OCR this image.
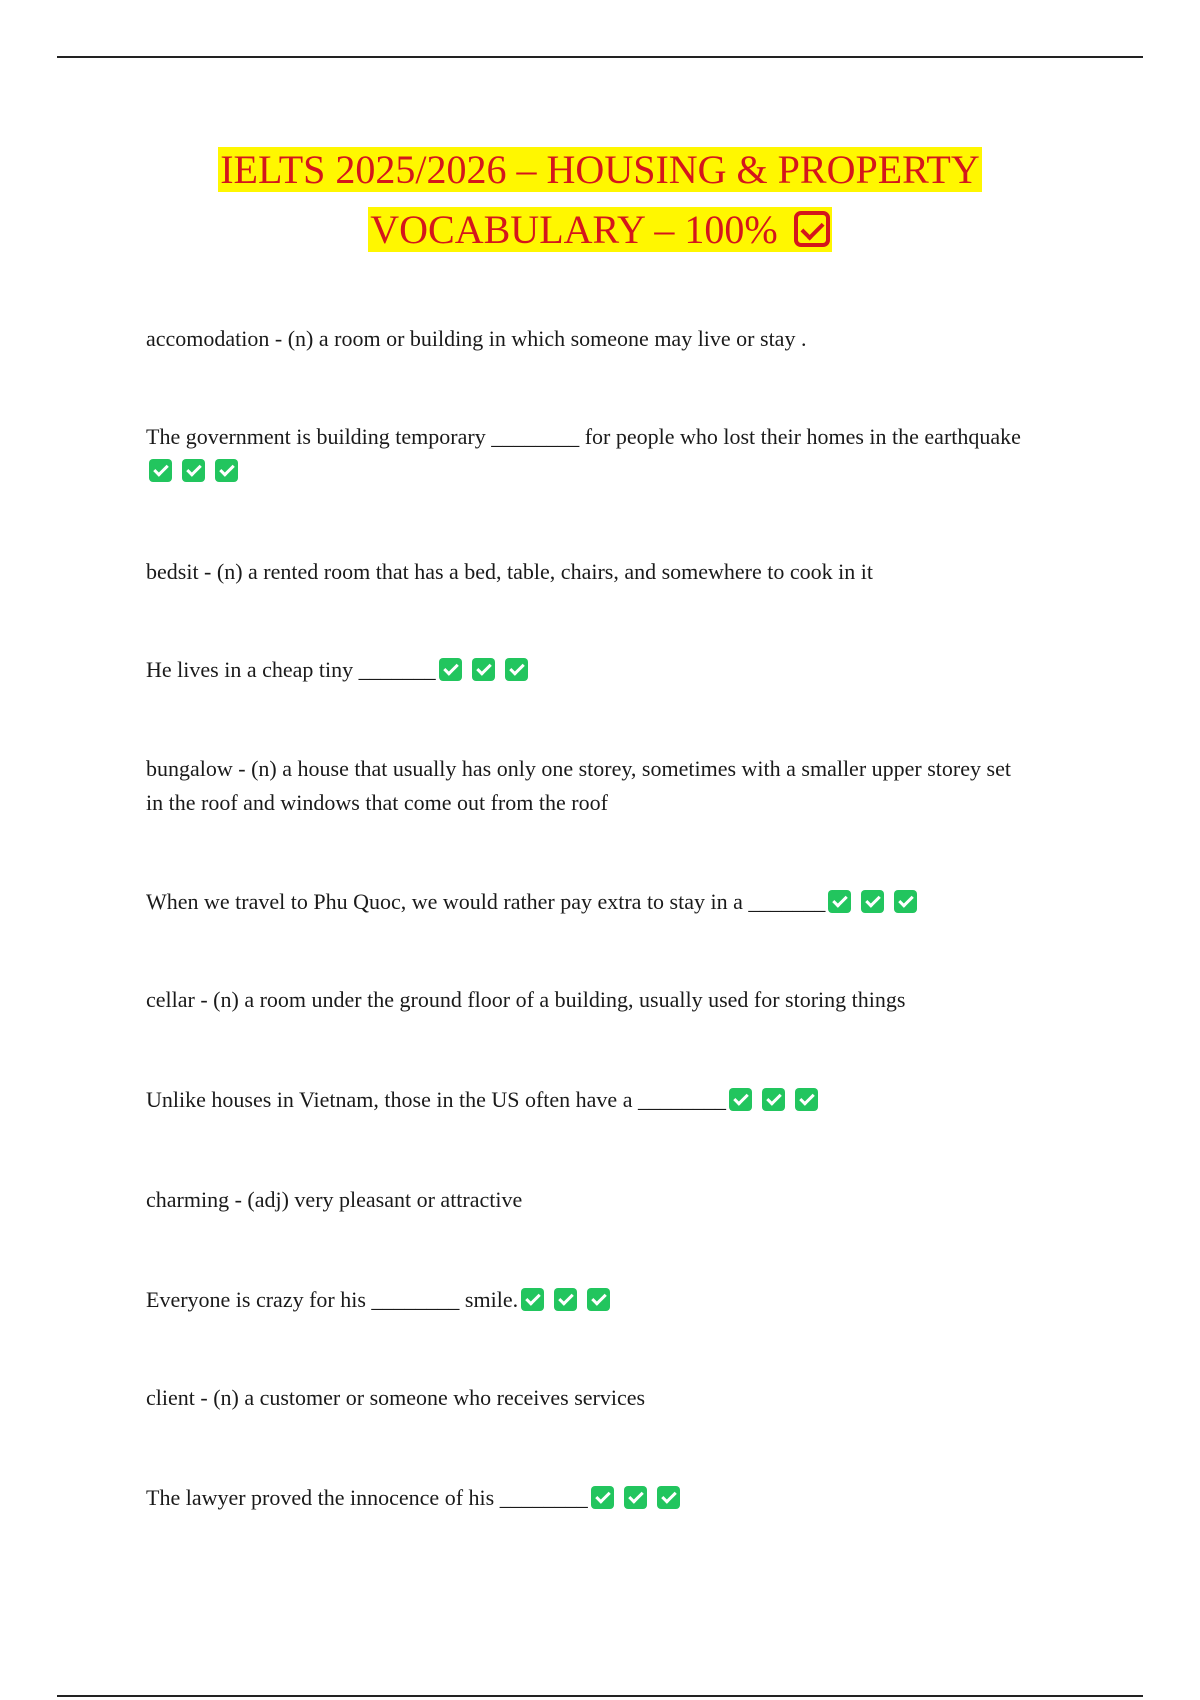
IELTS 2025/2026 – HOUSING & PROPERTY
VOCABULARY – 100%
accomodation - (n) a room or building in which someone may live or stay .
The government is building temporary ________ for people who lost their homes in the earthquake
bedsit - (n) a rented room that has a bed, table, chairs, and somewhere to cook in it
He lives in a cheap tiny _______
bungalow - (n) a house that usually has only one storey, sometimes with a smaller upper storey set in the roof and windows that come out from the roof
When we travel to Phu Quoc, we would rather pay extra to stay in a _______
cellar - (n) a room under the ground floor of a building, usually used for storing things
Unlike houses in Vietnam, those in the US often have a ________
charming - (adj) very pleasant or attractive
Everyone is crazy for his ________ smile.
client - (n) a customer or someone who receives services
The lawyer proved the innocence of his ________
